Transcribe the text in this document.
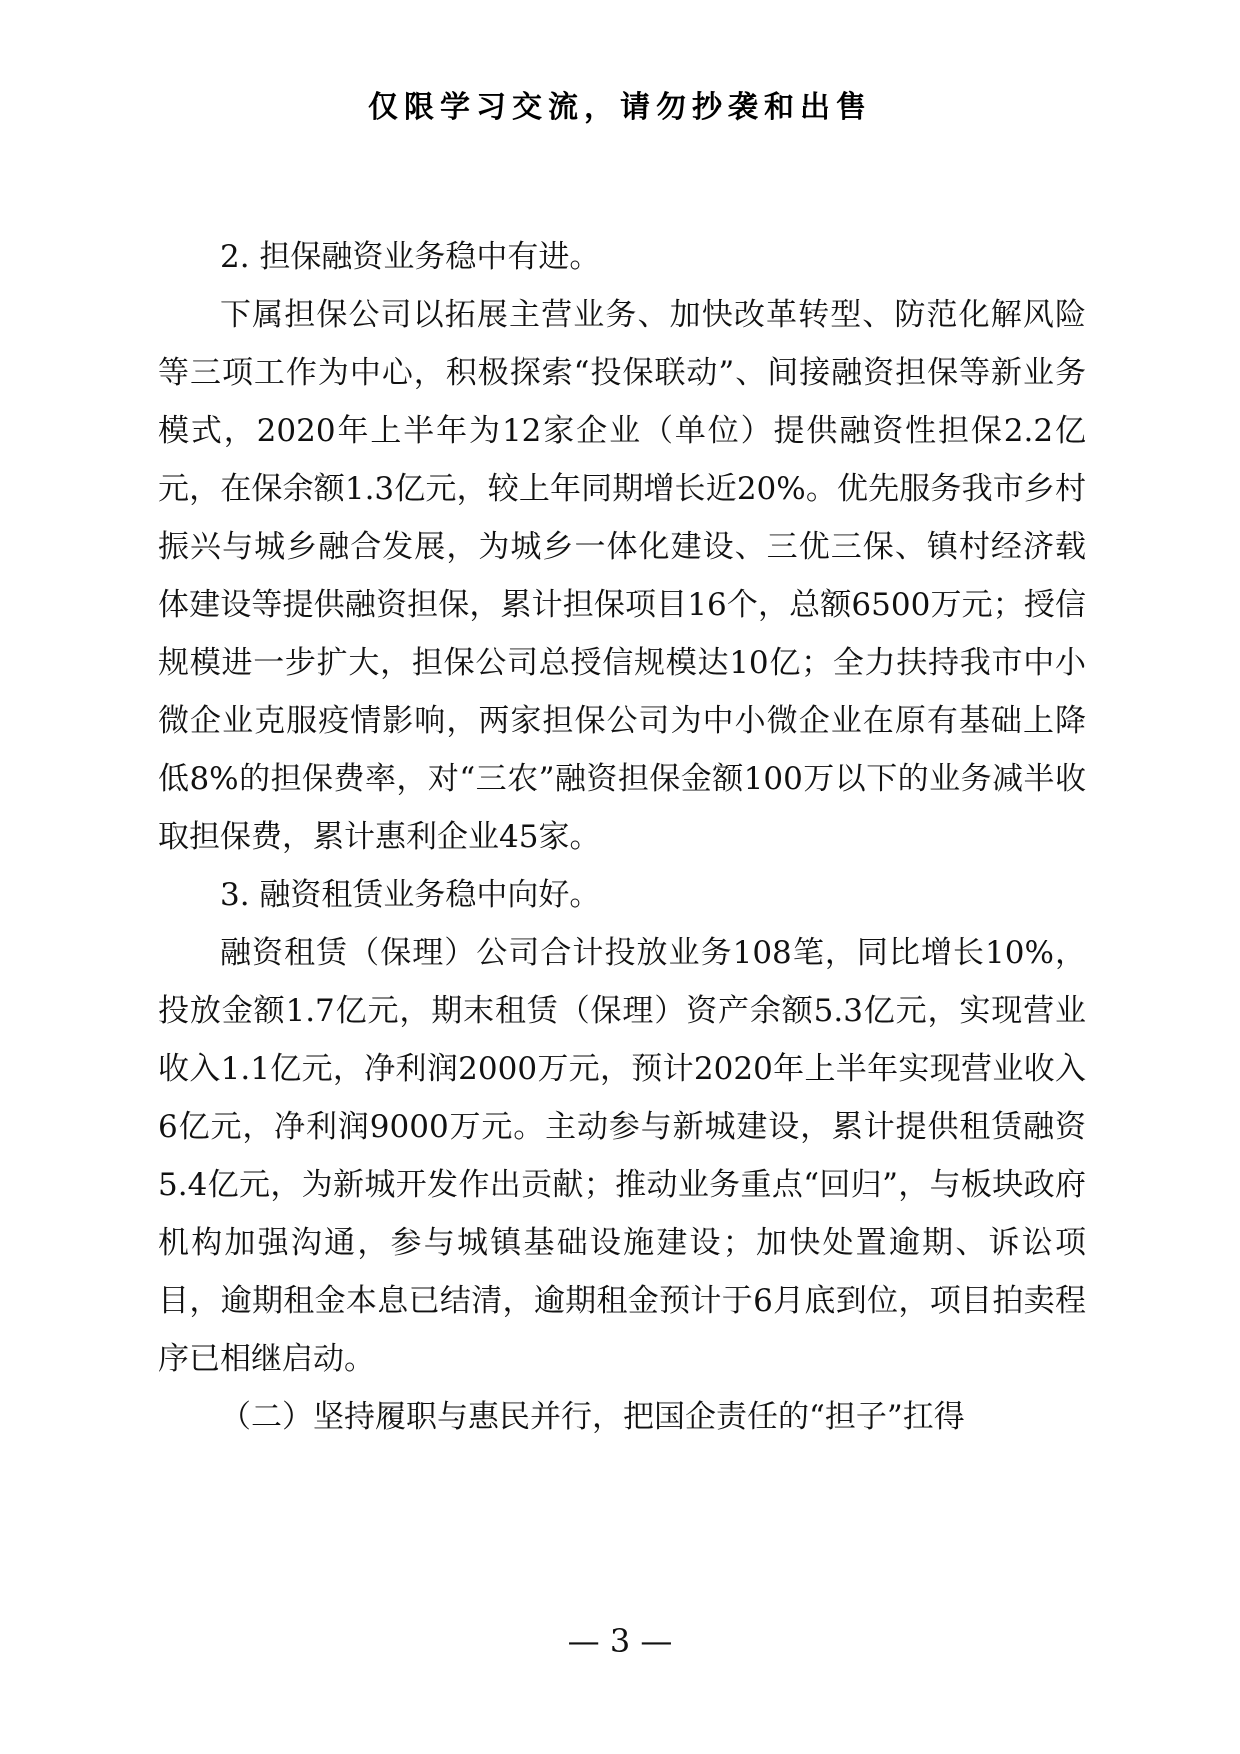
仅限学习交流，请勿抄袭和出售

2. 担保融资业务稳中有进。

下属担保公司以拓展主营业务、加快改革转型、防范化解风险等三项工作为中心，积极探索“投保联动”、间接融资担保等新业务模式，2020年上半年为12家企业（单位）提供融资性担保2.2亿元，在保余额1.3亿元，较上年同期增长近20%。优先服务我市乡村振兴与城乡融合发展，为城乡一体化建设、三优三保、镇村经济载体建设等提供融资担保，累计担保项目16个，总额6500万元；授信规模进一步扩大，担保公司总授信规模达10亿；全力扶持我市中小微企业克服疫情影响，两家担保公司为中小微企业在原有基础上降低8%的担保费率，对“三农”融资担保金额100万以下的业务减半收取担保费，累计惠利企业45家。

3. 融资租赁业务稳中向好。

融资租赁（保理）公司合计投放业务108笔，同比增长10%，投放金额1.7亿元，期末租赁（保理）资产余额5.3亿元，实现营业收入1.1亿元，净利润2000万元，预计2020年上半年实现营业收入6亿元，净利润9000万元。主动参与新城建设，累计提供租赁融资5.4亿元，为新城开发作出贡献；推动业务重点“回归”，与板块政府机构加强沟通，参与城镇基础设施建设；加快处置逾期、诉讼项目，逾期租金本息已结清，逾期租金预计于6月底到位，项目拍卖程序已相继启动。

（二）坚持履职与惠民并行，把国企责任的“担子”扛得

— 3 —
